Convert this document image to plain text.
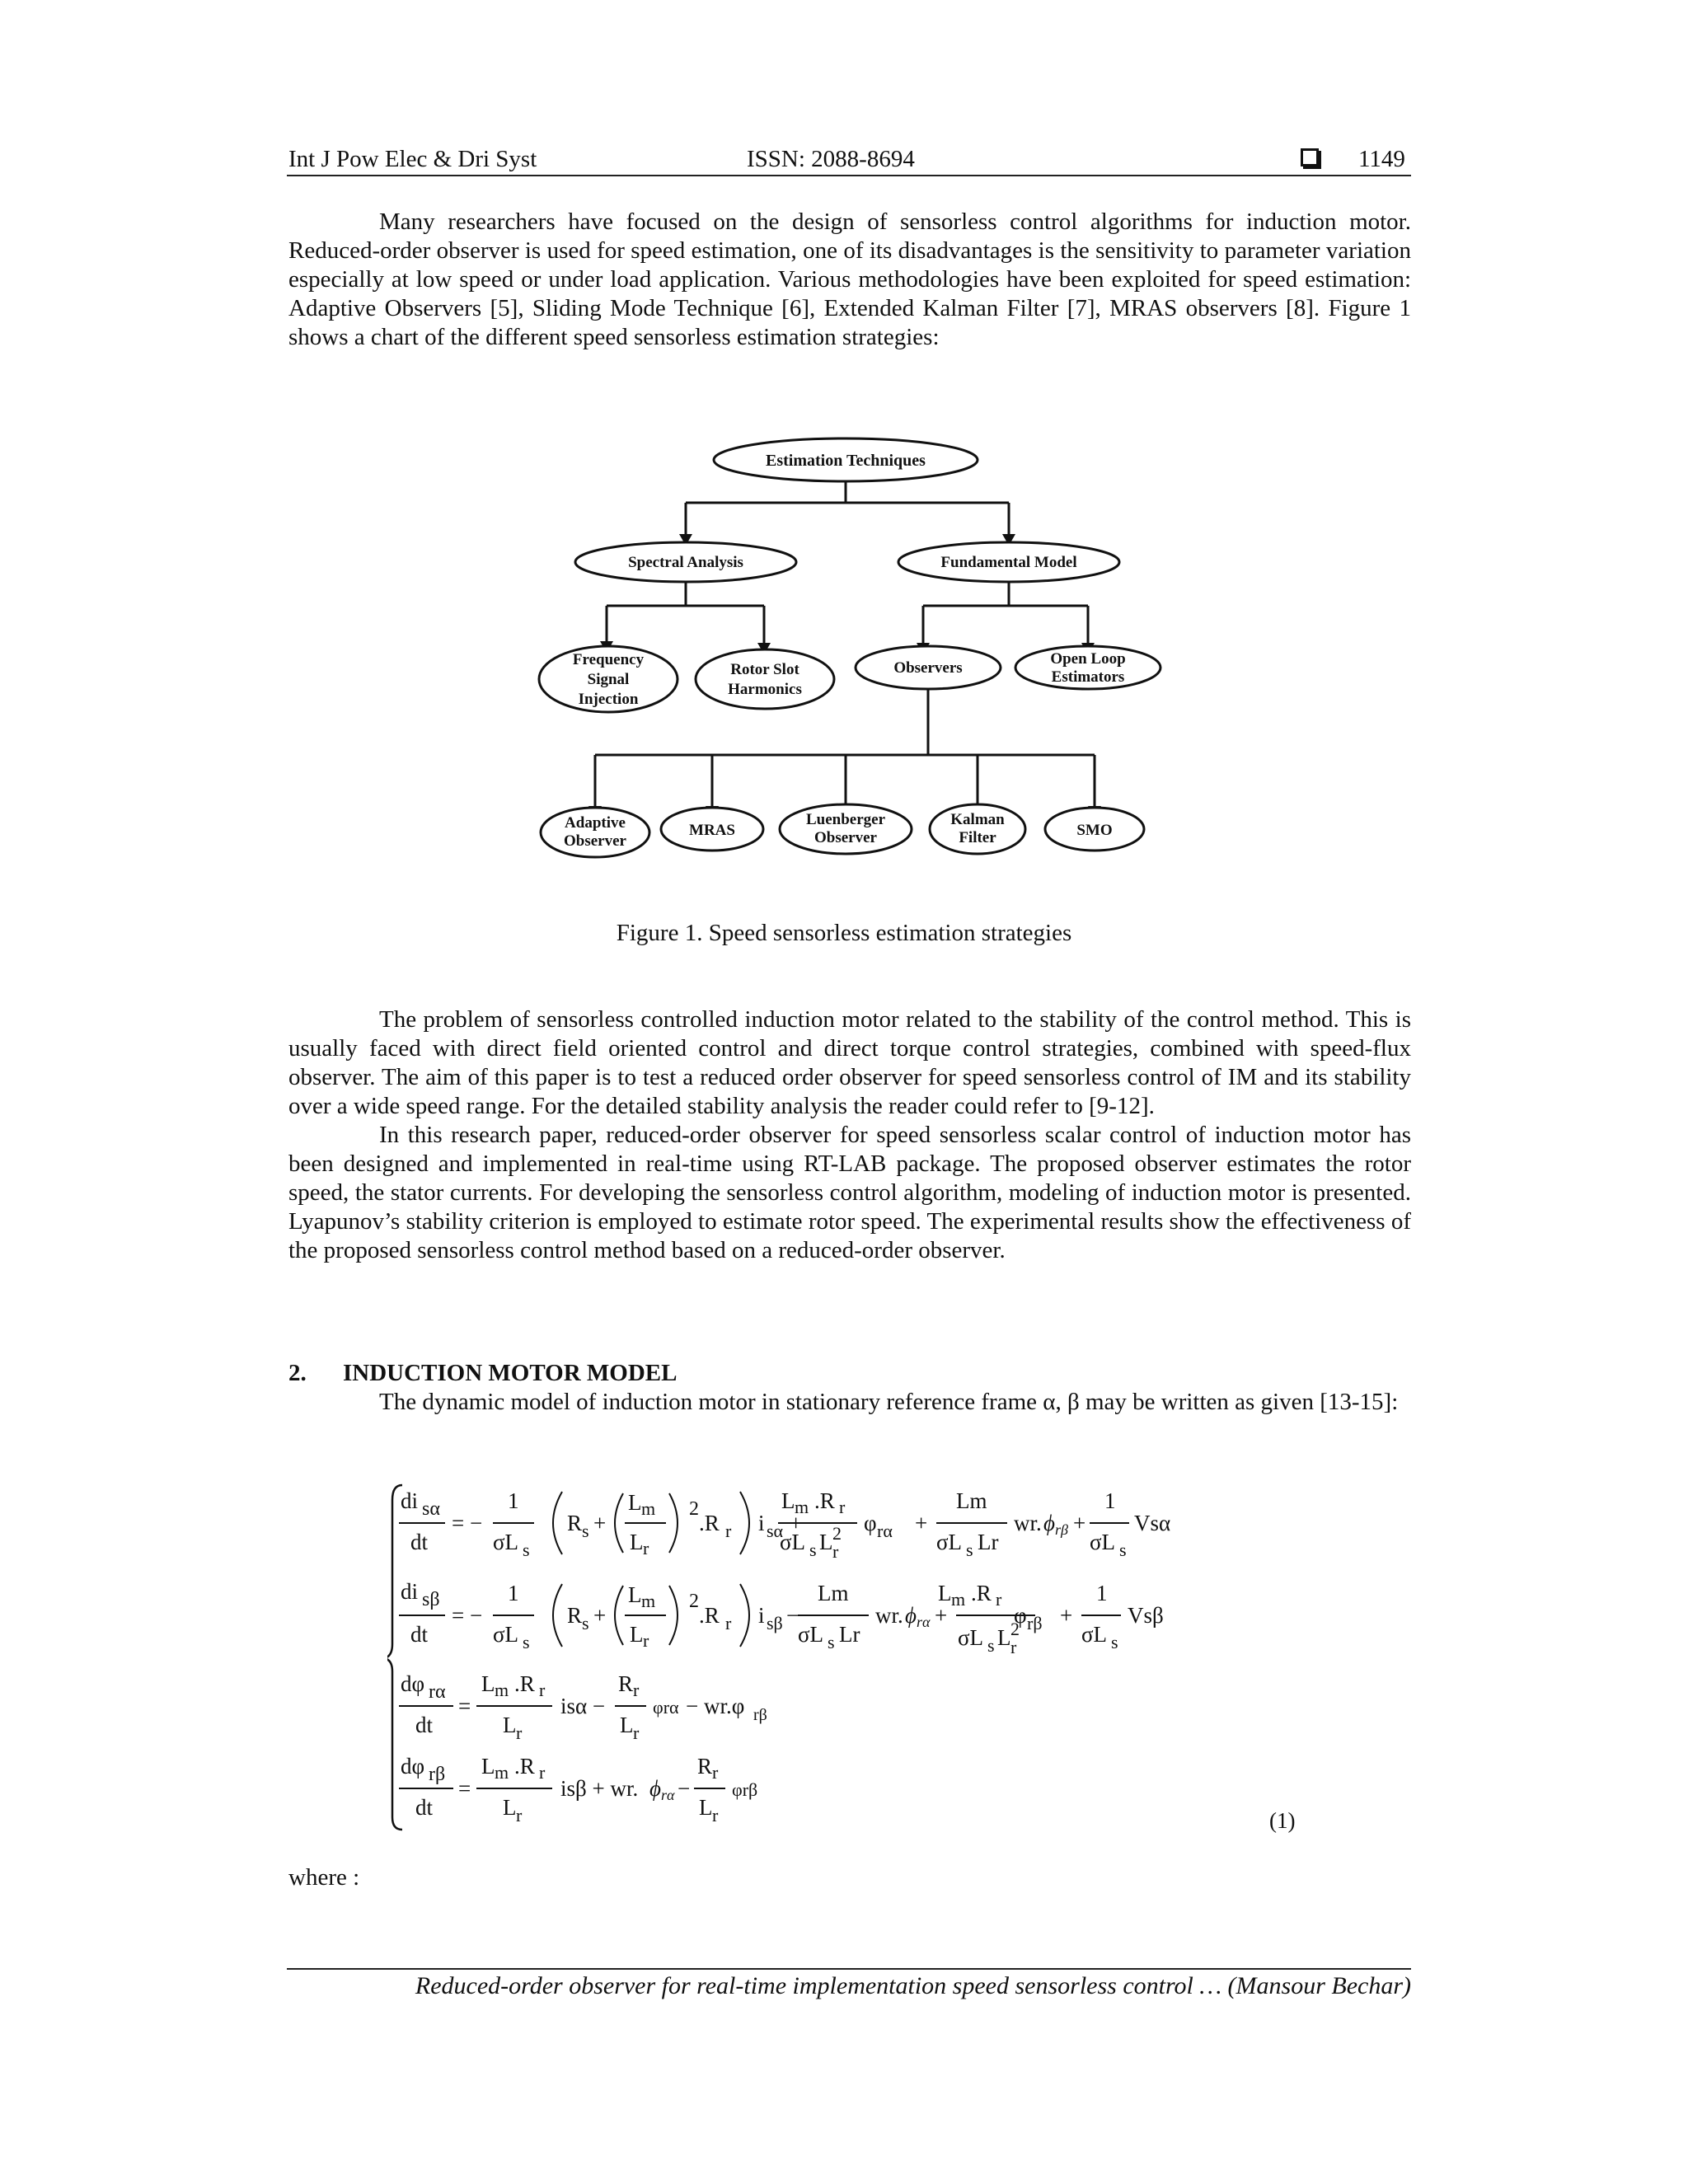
Int J Pow Elec & Dri Syst	ISSN: 2088-8694	1149

Many researchers have focused on the design of sensorless control algorithms for induction motor. Reduced-order observer is used for speed estimation, one of its disadvantages is the sensitivity to parameter variation especially at low speed or under load application. Various methodologies have been exploited for speed estimation: Adaptive Observers [5], Sliding Mode Technique [6], Extended Kalman Filter [7], MRAS observers [8]. Figure 1 shows a chart of the different speed sensorless estimation strategies:

Estimation Techniques
Spectral Analysis	Fundamental Model
Frequency
Signal
Injection
Rotor Slot
Harmonics
Observers
Open Loop
Estimators
Adaptive
Observer
MRAS
Luenberger
Observer
Kalman
Filter	SMO
Figure 1. Speed sensorless estimation strategies

The problem of sensorless controlled induction motor related to the stability of the control method. This is usually faced with direct field oriented control and direct torque control strategies, combined with speed-flux observer. The aim of this paper is to test a reduced order observer for speed sensorless control of IM and its stability over a wide speed range. For the detailed stability analysis the reader could refer to [9-12].

In this research paper, reduced-order observer for speed sensorless scalar control of induction motor has been designed and implemented in real-time using RT-LAB package. The proposed observer estimates the rotor speed, the stator currents. For developing the sensorless control algorithm, modeling of induction motor is presented. Lyapunov’s stability criterion is employed to estimate rotor speed. The experimental results show the effectiveness of the proposed sensorless control method based on a reduced-order observer.

2. INDUCTION MOTOR MODEL

The dynamic model of induction motor in stationary reference frame α, β may be written as given [13-15]:

di sα
dt
= −
1
σL s
R s +
L m
L r
2
.R r i sα +
L m .R r
σL s L 2
r
φ rα +
Lm
σL s Lr
wr. ϕ rβ +
1
σL s
Vsα
di sβ
dt
= −
1
σL s
R s +
L m
L r
2
.R r i sβ −
Lm
σL s Lr
wr. ϕ rα +
L m .R r
σL s L 2
r
φ rβ +
1
σL s
Vsβ
dφ rα
dt
=
L m .R r
L r
isα −
R r
L r
φrα − wr.φ rβ
dφ rβ
dt
=
L m .R r
L r
isβ + wr. ϕ rα −
R r
L r
φrβ
(1)
where :
Reduced-order observer for real-time implementation speed sensorless control … (Mansour Bechar)
